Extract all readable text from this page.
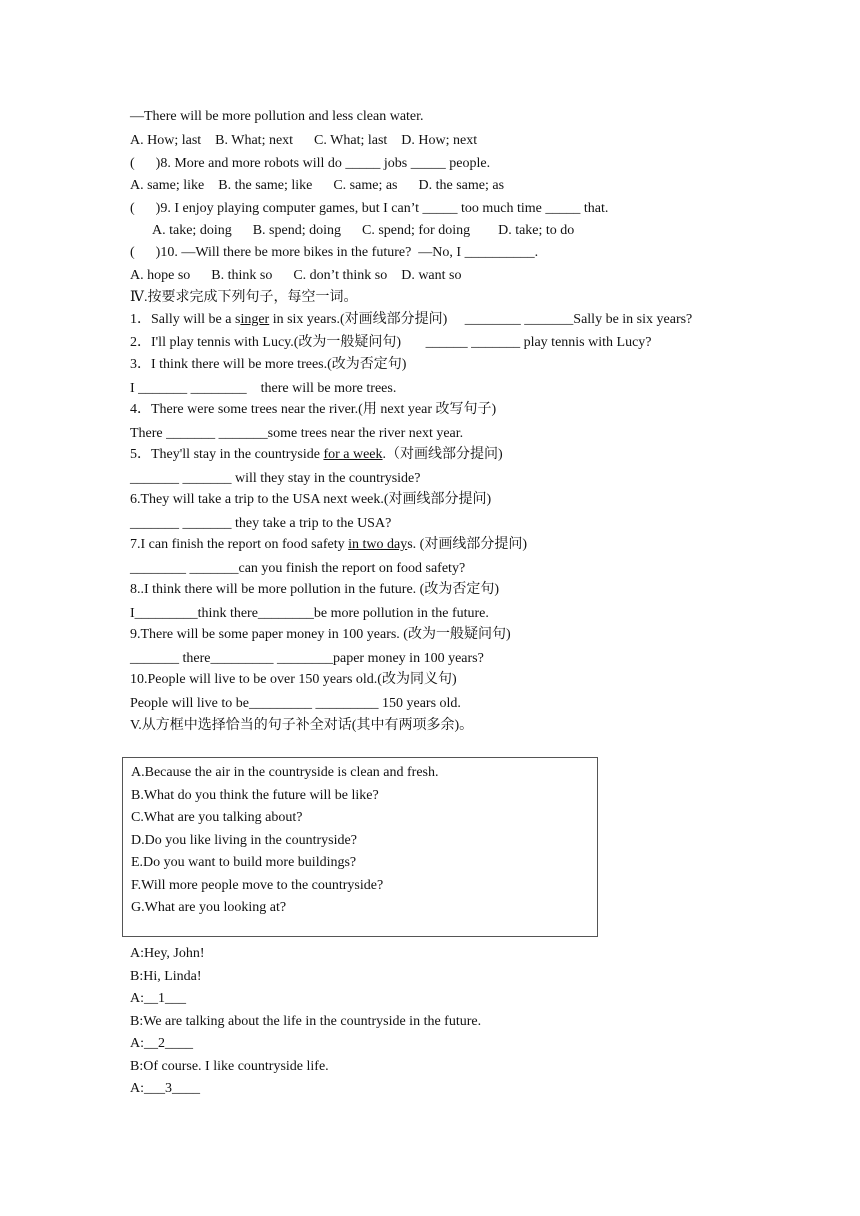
—There will be more pollution and less clean water.
A. How; last    B. What; next      C. What; last    D. How; next
(      )8. More and more robots will do _____ jobs _____ people.
A. same; like    B. the same; like      C. same; as      D. the same; as
(      )9. I enjoy playing computer games, but I can’t _____ too much time _____ that.
A. take; doing      B. spend; doing      C. spend; for doing        D. take; to do
(      )10. —Will there be more bikes in the future?  —No, I __________.
A. hope so      B. think so      C. don’t think so    D. want so
Ⅳ.按要求完成下列句子，每空一词。
1．Sally will be a singer in six years.(对画线部分提问)     ________ _______Sally be in six years?
2．I'll play tennis with Lucy.(改为一般疑问句)       ______ _______ play tennis with Lucy?
3．I think there will be more trees.(改为否定句)
I _______ ________    there will be more trees.
4．There were some trees near the river.(用 next year 改写句子)
There _______ _______some trees near the river next year.
5．They'll stay in the countryside for a week.（对画线部分提问)
_______ _______ will they stay in the countryside?
6.They will take a trip to the USA next week.(对画线部分提问)
_______ _______ they take a trip to the USA?
7.I can finish the report on food safety in two days. (对画线部分提问)
________ _______can you finish the report on food safety?
8..I think there will be more pollution in the future. (改为否定句)
I_________think there________be more pollution in the future.
9.There will be some paper money in 100 years. (改为一般疑问句)
_______ there_________ ________paper money in 100 years?
10.People will live to be over 150 years old.(改为同义句)
People will live to be_________ _________ 150 years old.
V.从方框中选择恰当的句子补全对话(其中有两项多余)。
A.Because the air in the countryside is clean and fresh.
B.What do you think the future will be like?
C.What are you talking about?
D.Do you like living in the countryside?
E.Do you want to build more buildings?
F.Will more people move to the countryside?
G.What are you looking at?
A:Hey, John!
B:Hi, Linda!
A:__1___
B:We are talking about the life in the countryside in the future.
A:__2____
B:Of course. I like countryside life.
A:___3____
